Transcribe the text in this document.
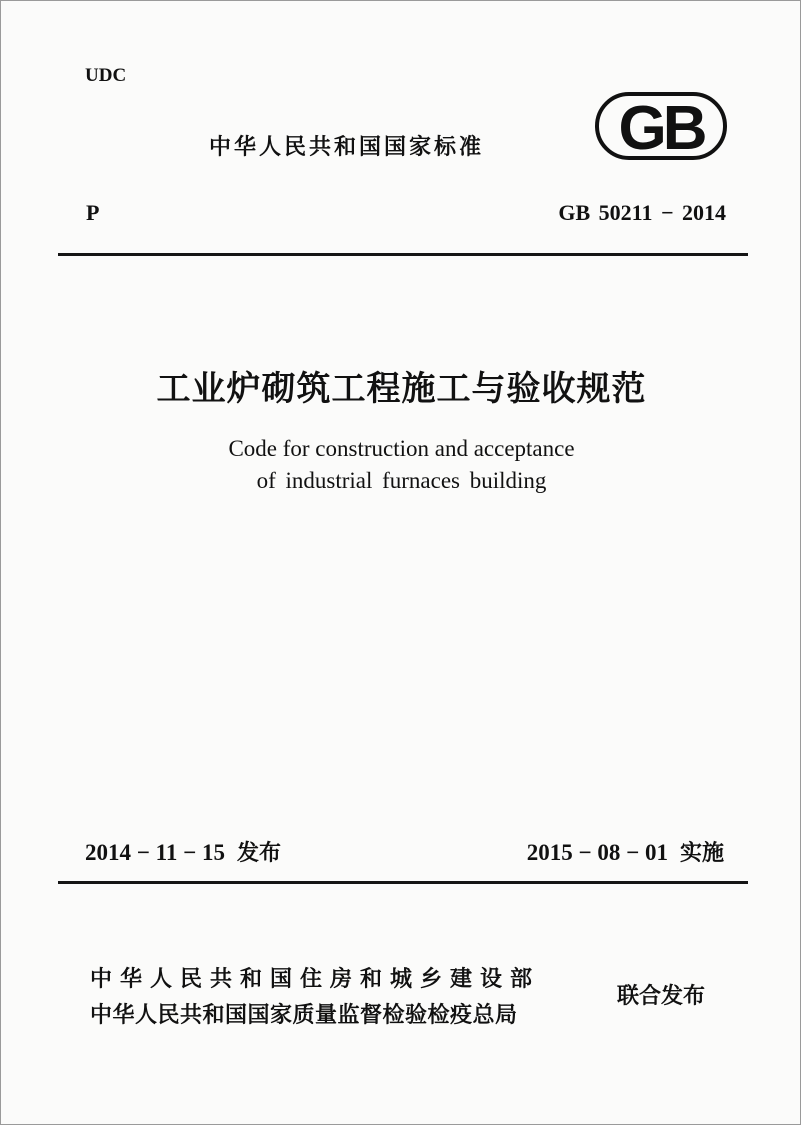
UDC
中华人民共和国国家标准 GB
P	GB 50211 − 2014
工业炉砌筑工程施工与验收规范
Code for construction and acceptance
of industrial furnaces building
2014 − 11 − 15 发布	2015 − 08 − 01 实施
中华人民共和国住房和城乡建设部
中华人民共和国国家质量监督检验检疫总局
联合发布
